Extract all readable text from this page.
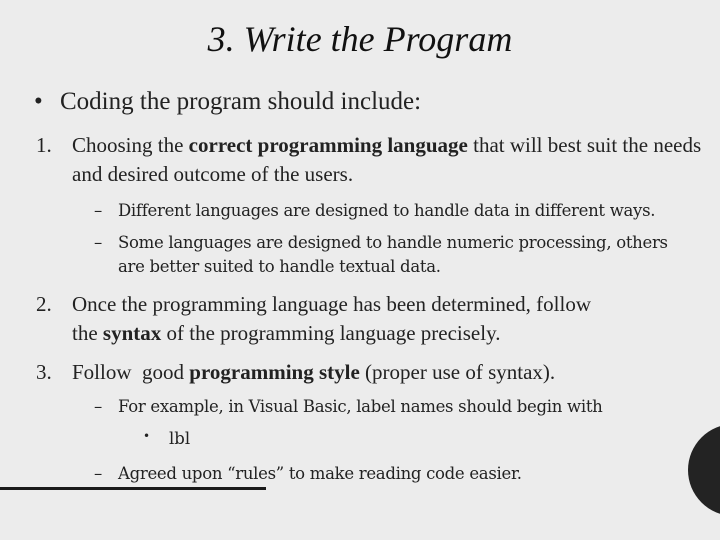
3. Write the Program
• Coding the program should include:
1. Choosing the correct programming language that will best suit the needs and desired outcome of the users.
– Different languages are designed to handle data in different ways.
– Some languages are designed to handle numeric processing, others are better suited to handle textual data.
2. Once the programming language has been determined, follow
the syntax of the programming language precisely.
3. Follow  good programming style (proper use of syntax).
– For example, in Visual Basic, label names should begin with
• lbl
– Agreed upon “rules” to make reading code easier.
